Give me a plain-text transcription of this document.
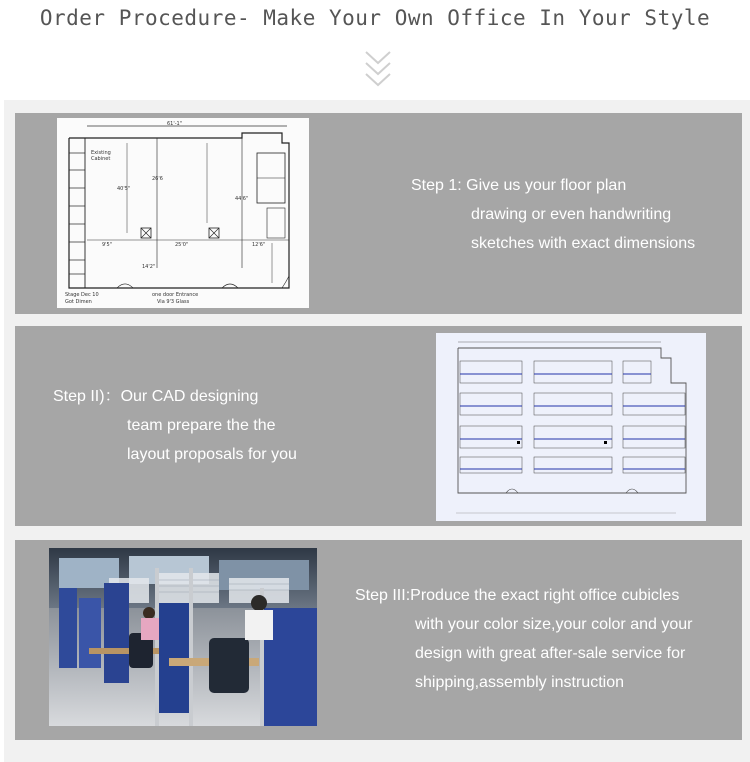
Order Procedure- Make Your Own Office In Your Style
61'-1"
Existing
Cabinet
40'5"
26'6
44'6"
9'5"	25'0"	12'6"
14'2"
Stage Dec 10
Got Dimen
one door Entrance
Via 9'3 Glass
Step 1: Give us your floor plan
drawing or even handwriting
sketches with exact dimensions
Step II)：Our CAD designing
team prepare the the
layout proposals for you
Step III:Produce the exact right office cubicles
with your color size,your color and your
design with great after-sale service for
shipping,assembly instruction
